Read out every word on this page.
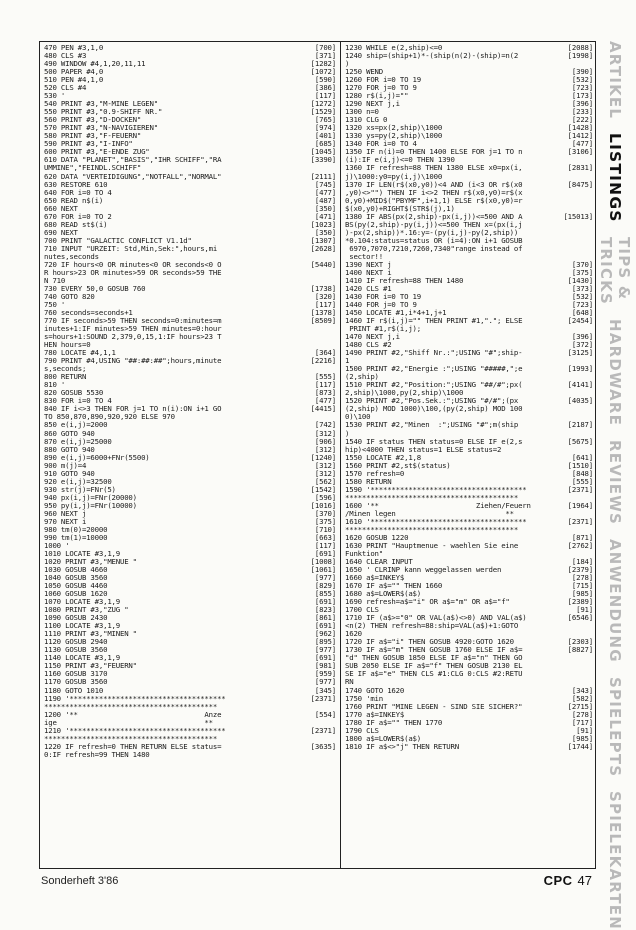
470 PEN #3,1,0	[700]
480 CLS #3	[371]
490 WINDOW #4,1,20,11,11	[1282]
500 PAPER #4,0	[1072]
510 PEN #4,1,0	[590]
520 CLS #4	[386]
530 '	[117]
540 PRINT #3,"M-MINE LEGEN"	[1272]
550 PRINT #3,"0.9-SHIFF NR."	[1529]
560 PRINT #3,"D-DOCKEN"	[765]
570 PRINT #3,"N-NAVIGIEREN"	[974]
580 PRINT #3,"F-FEUERN"	[401]
590 PRINT #3,"I-INFO"	[685]
600 PRINT #3,"E-ENDE ZUG"	[1045]
610 DATA "PLANET","BASIS","IHR SCHIFF","RA	[3390]
UMMINE","FEINDL.SCHIFF"
620 DATA "VERTEIDIGUNG","NOTFALL","NORMAL"	[2111]
630 RESTORE 610	[745]
640 FOR i=0 TO 4	[477]
650 READ n$(i)	[487]
660 NEXT	[350]
670 FOR i=0 TO 2	[471]
680 READ st$(i)	[1023]
690 NEXT	[350]
700 PRINT "GALACTIC CONFLICT V1.1d"	[1307]
710 INPUT "URZEIT: Std,Min,Sek:",hours,mi	[2628]
nutes,seconds
720 IF hours<0 OR minutes<0 OR seconds<0 O	[5440]
R hours>23 OR minutes>59 OR seconds>59 THE
N 710
730 EVERY 50,0 GOSUB 760	[1738]
740 GOTO 820	[320]
750 '	[117]
760 seconds=seconds+1	[1378]
770 IF seconds>59 THEN seconds=0:minutes=m	[8509]
inutes+1:IF minutes>59 THEN minutes=0:hour
s=hours+1:SOUND 2,379,0,15,1:IF hours>23 T
HEN hours=0
780 LOCATE #4,1,1	[364]
790 PRINT #4,USING "##:##:##";hours,minute	[2216]
s,seconds;
800 RETURN	[555]
810 '	[117]
820 GOSUB 5530	[873]
830 FOR i=0 TO 4	[477]
840 IF i<>3 THEN FOR j=1 TO n(i):ON i+1 GO	[4415]
TO 850,870,890,920,920 ELSE 970
850 e(i,j)=2000	[742]
860 GOTO 940	[312]
870 e(i,j)=25000	[906]
880 GOTO 940	[312]
890 e(i,j)=6000+FNr(5500)	[1240]
900 m(j)=4	[312]
910 GOTO 940	[312]
920 e(i,j)=32500	[562]
930 str(j)=FNr(5)	[1542]
940 px(i,j)=FNr(20000)	[596]
950 py(i,j)=FNr(10000)	[1016]
960 NEXT j	[370]
970 NEXT i	[375]
980 tm(0)=20000	[710]
990 tm(1)=10000	[663]
1000 '	[117]
1010 LOCATE #3,1,9	[691]
1020 PRINT #3,"MENUE "	[1008]
1030 GOSUB 4660	[1061]
1040 GOSUB 3560	[977]
1050 GOSUB 4460	[829]
1060 GOSUB 1620	[855]
1070 LOCATE #3,1,9	[691]
1080 PRINT #3,"ZUG "	[823]
1090 GOSUB 2430	[861]
1100 LOCATE #3,1,9	[691]
1110 PRINT #3,"MINEN "	[962]
1120 GOSUB 2940	[895]
1130 GOSUB 3560	[977]
1140 LOCATE #3,1,9	[691]
1150 PRINT #3,"FEUERN"	[981]
1160 GOSUB 3170	[959]
1170 GOSUB 3560	[977]
1180 GOTO 1010	[345]
1190 '*************************************	[2371]
*****************************************
1200 '**                              Anze	[554]
ige                                   **
1210 '*************************************	[2371]
*****************************************
1220 IF refresh=0 THEN RETURN ELSE status=	[3635]
0:IF refresh=99 THEN 1480
1230 WHILE e(2,ship)<=0	[2088]
1240 ship=(ship+1)*-(ship(n(2)-(ship)=n(2	[1998]
)
1250 WEND	[390]
1260 FOR i=0 TO 19	[532]
1270 FOR j=0 TO 9	[723]
1280 r$(i,j)=""	[173]
1290 NEXT j,i	[396]
1300 n=0	[233]
1310 CLG 0	[222]
1320 xs=px(2,ship)\1000	[1428]
1330 ys=py(2,ship)\1000	[1412]
1340 FOR i=0 TO 4	[477]
1350 IF n(i)=0 THEN 1400 ELSE FOR j=1 TO n	[3106]
(i):IF e(i,j)<=0 THEN 1390
1360 IF refresh=88 THEN 1380 ELSE x0=px(i,	[2831]
j)\1000:y0=py(i,j)\1000
1370 IF LEN(r$(x0,y0))<4 AND (i<3 OR r$(x0	[8475]
,y0)<>"") THEN IF i<>2 THEN r$(x0,y0)=r$(x
0,y0)+MID$("PBYMF",i+1,1) ELSE r$(x0,y0)=r
$(x0,y0)+RIGHT$(STR$(j),1)
1380 IF ABS(px(2,ship)-px(i,j))<=500 AND A	[15013]
BS(py(2,ship)-py(i,j))<=500 THEN x=(px(i,j
)-px(2,ship))*.16:y=-(py(i,j)-py(2,ship))
*0.104:status=status OR (i=4):ON i+1 GOSUB
6970,7070,7210,7260,7340"range instead of
sector!!
1390 NEXT j	[370]
1400 NEXT i	[375]
1410 IF refresh=88 THEN 1480	[1430]
1420 CLS #1	[373]
1430 FOR i=0 TO 19	[532]
1440 FOR j=0 TO 9	[723]
1450 LOCATE #1,i*4+1,j+1	[648]
1460 IF r$(i,j)="" THEN PRINT #1,"."; ELSE	[2454]
PRINT #1,r$(i,j);
1470 NEXT j,i	[396]
1480 CLS #2	[372]
1490 PRINT #2,"Shiff Nr.:";USING "#";ship-	[3125]
1
1500 PRINT #2,"Energie :";USING "#####,";e	[1993]
(2,ship)
1510 PRINT #2,"Position:";USING "##/#";px(	[4141]
2,ship)\1000,py(2,ship)\1000
1520 PRINT #2,"Pos.Sek.:";USING "#/#";(px	[4035]
(2,ship) MOD 1000)\100,(py(2,ship) MOD 100
0)\100
1530 PRINT #2,"Minen  :";USING "#";m(ship	[2187]
)
1540 IF status THEN status=0 ELSE IF e(2,s	[5675]
hip)<4000 THEN status=1 ELSE status=2
1550 LOCATE #2,1,8	[641]
1560 PRINT #2,st$(status)	[1510]
1570 refresh=0	[848]
1580 RETURN	[555]
1590 '*************************************	[2371]
*****************************************
1600 '**                       Ziehen/Feuern	[1964]
/Minen legen                          **
1610 '*************************************	[2371]
*****************************************
1620 GOSUB 1220	[871]
1630 PRINT "Hauptmenue - waehlen Sie eine	[2762]
Funktion"
1640 CLEAR INPUT	[184]
1650 ' CLRINP kann weggelassen werden	[2379]
1660 a$=INKEY$	[278]
1670 IF a$="" THEN 1660	[715]
1680 a$=LOWER$(a$)	[985]
1690 refresh=a$="i" OR a$="m" OR a$="f"	[2389]
1700 CLS	[91]
1710 IF (a$>="0" OR VAL(a$)<>0) AND VAL(a$)	[6546]
<n(2) THEN refresh=88:ship=VAL(a$)+1:GOTO
1620
1720 IF a$="i" THEN GOSUB 4920:GOTO 1620	[2303]
1730 IF a$="m" THEN GOSUB 1760 ELSE IF a$=	[8827]
"d" THEN GOSUB 1850 ELSE IF a$="n" THEN GO
SUB 2050 ELSE IF a$="f" THEN GOSUB 2130 EL
SE IF a$="e" THEN CLS #1:CLG 0:CLS #2:RETU
RN
1740 GOTO 1620	[343]
1750 'min	[582]
1760 PRINT "MINE LEGEN - SIND SIE SICHER?"	[2715]
1770 a$=INKEY$	[278]
1780 IF a$="" THEN 1770	[717]
1790 CLS	[91]
1800 a$=LOWER$(a$)	[985]
1810 IF a$<>"j" THEN RETURN	[1744]
ARTIKEL
LISTINGS
TIPS & TRICKS
HARDWARE
REVIEWS
ANWENDUNG
SPIELEPTS
SPIELEKARTEN
Sonderheft 3'86	CPC 47
